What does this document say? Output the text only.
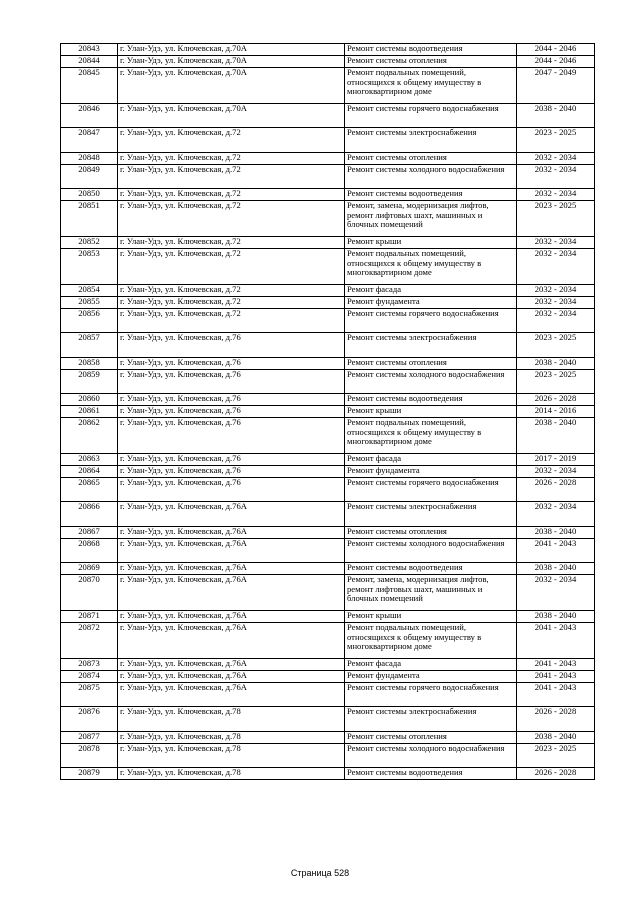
20843	г. Улан-Удэ, ул. Ключевская, д.70А	Ремонт системы водоотведения	2044 - 2046
20844	г. Улан-Удэ, ул. Ключевская, д.70А	Ремонт системы отопления	2044 - 2046
20845	г. Улан-Удэ, ул. Ключевская, д.70А	Ремонт подвальных помещений, относящихся к общему имуществу в многоквартирном доме	2047 - 2049
20846	г. Улан-Удэ, ул. Ключевская, д.70А	Ремонт системы горячего водоснабжения	2038 - 2040
20847	г. Улан-Удэ, ул. Ключевская, д.72	Ремонт системы электроснабжения	2023 - 2025
20848	г. Улан-Удэ, ул. Ключевская, д.72	Ремонт системы отопления	2032 - 2034
20849	г. Улан-Удэ, ул. Ключевская, д.72	Ремонт системы холодного водоснабжения	2032 - 2034
20850	г. Улан-Удэ, ул. Ключевская, д.72	Ремонт системы водоотведения	2032 - 2034
20851	г. Улан-Удэ, ул. Ключевская, д.72	Ремонт, замена, модернизация лифтов, ремонт лифтовых шахт, машинных и блочных помещений	2023 - 2025
20852	г. Улан-Удэ, ул. Ключевская, д.72	Ремонт крыши	2032 - 2034
20853	г. Улан-Удэ, ул. Ключевская, д.72	Ремонт подвальных помещений, относящихся к общему имуществу в многоквартирном доме	2032 - 2034
20854	г. Улан-Удэ, ул. Ключевская, д.72	Ремонт фасада	2032 - 2034
20855	г. Улан-Удэ, ул. Ключевская, д.72	Ремонт фундамента	2032 - 2034
20856	г. Улан-Удэ, ул. Ключевская, д.72	Ремонт системы горячего водоснабжения	2032 - 2034
20857	г. Улан-Удэ, ул. Ключевская, д.76	Ремонт системы электроснабжения	2023 - 2025
20858	г. Улан-Удэ, ул. Ключевская, д.76	Ремонт системы отопления	2038 - 2040
20859	г. Улан-Удэ, ул. Ключевская, д.76	Ремонт системы холодного водоснабжения	2023 - 2025
20860	г. Улан-Удэ, ул. Ключевская, д.76	Ремонт системы водоотведения	2026 - 2028
20861	г. Улан-Удэ, ул. Ключевская, д.76	Ремонт крыши	2014 - 2016
20862	г. Улан-Удэ, ул. Ключевская, д.76	Ремонт подвальных помещений, относящихся к общему имуществу в многоквартирном доме	2038 - 2040
20863	г. Улан-Удэ, ул. Ключевская, д.76	Ремонт фасада	2017 - 2019
20864	г. Улан-Удэ, ул. Ключевская, д.76	Ремонт фундамента	2032 - 2034
20865	г. Улан-Удэ, ул. Ключевская, д.76	Ремонт системы горячего водоснабжения	2026 - 2028
20866	г. Улан-Удэ, ул. Ключевская, д.76А	Ремонт системы электроснабжения	2032 - 2034
20867	г. Улан-Удэ, ул. Ключевская, д.76А	Ремонт системы отопления	2038 - 2040
20868	г. Улан-Удэ, ул. Ключевская, д.76А	Ремонт системы холодного водоснабжения	2041 - 2043
20869	г. Улан-Удэ, ул. Ключевская, д.76А	Ремонт системы водоотведения	2038 - 2040
20870	г. Улан-Удэ, ул. Ключевская, д.76А	Ремонт, замена, модернизация лифтов, ремонт лифтовых шахт, машинных и блочных помещений	2032 - 2034
20871	г. Улан-Удэ, ул. Ключевская, д.76А	Ремонт крыши	2038 - 2040
20872	г. Улан-Удэ, ул. Ключевская, д.76А	Ремонт подвальных помещений, относящихся к общему имуществу в многоквартирном доме	2041 - 2043
20873	г. Улан-Удэ, ул. Ключевская, д.76А	Ремонт фасада	2041 - 2043
20874	г. Улан-Удэ, ул. Ключевская, д.76А	Ремонт фундамента	2041 - 2043
20875	г. Улан-Удэ, ул. Ключевская, д.76А	Ремонт системы горячего водоснабжения	2041 - 2043
20876	г. Улан-Удэ, ул. Ключевская, д.78	Ремонт системы электроснабжения	2026 - 2028
20877	г. Улан-Удэ, ул. Ключевская, д.78	Ремонт системы отопления	2038 - 2040
20878	г. Улан-Удэ, ул. Ключевская, д.78	Ремонт системы холодного водоснабжения	2023 - 2025
20879	г. Улан-Удэ, ул. Ключевская, д.78	Ремонт системы водоотведения	2026 - 2028
Страница 528
